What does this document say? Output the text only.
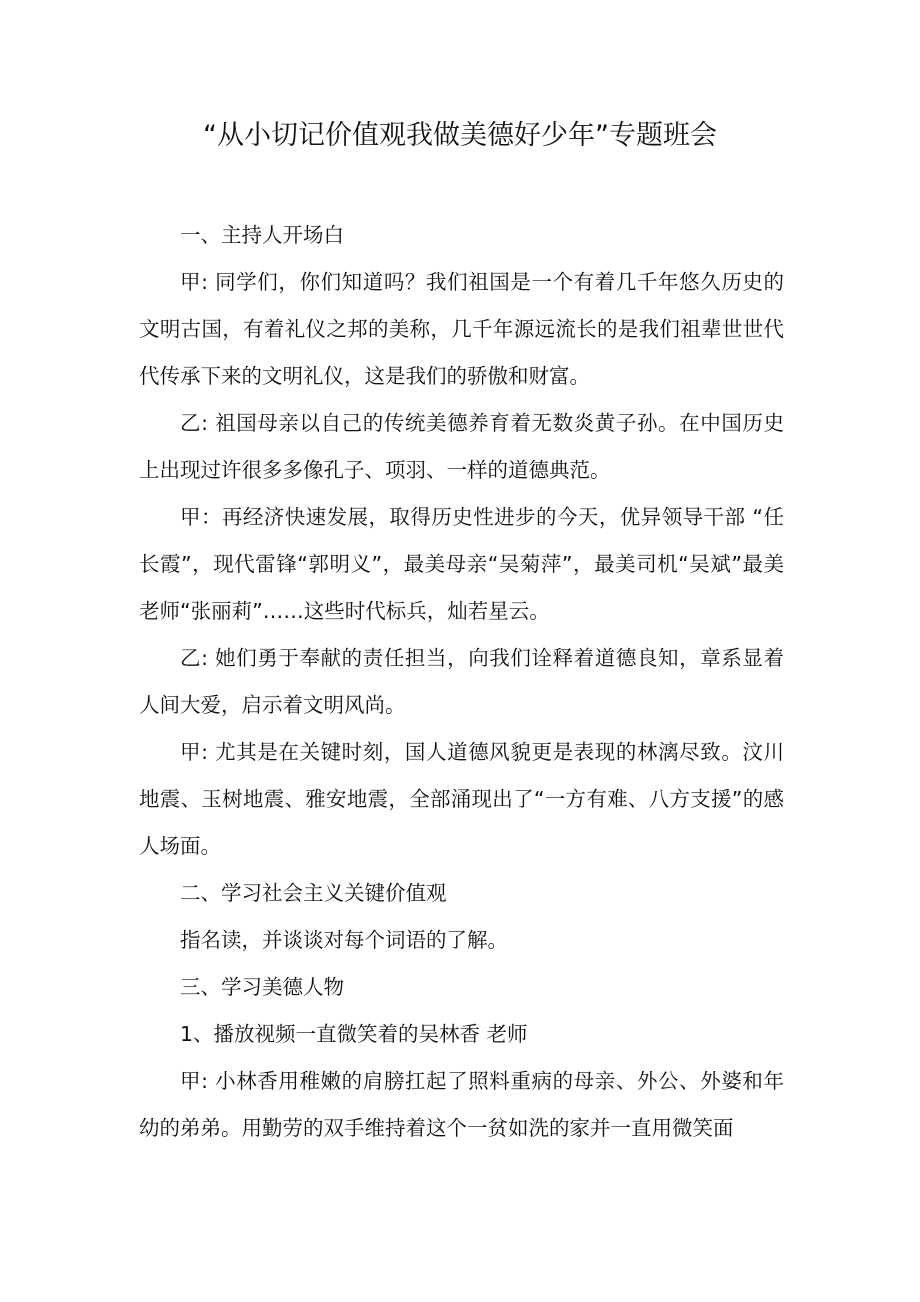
“从小切记价值观我做美德好少年”专题班会

一、主持人开场白

甲: 同学们，你们知道吗？我们祖国是一个有着几千年悠久历史的文明古国，有着礼仪之邦的美称，几千年源远流长的是我们祖辈世世代代传承下来的文明礼仪，这是我们的骄傲和财富。

乙: 祖国母亲以自己的传统美德养育着无数炎黄子孙。在中国历史上出现过许很多多像孔子、项羽、一样的道德典范。

甲：再经济快速发展，取得历史性进步的今天，优异领导干部 “任长霞”，现代雷锋“郭明义”，最美母亲“吴菊萍”，最美司机“吴斌”最美老师“张丽莉”……这些时代标兵，灿若星云。

乙: 她们勇于奉献的责任担当，向我们诠释着道德良知，章系显着人间大爱，启示着文明风尚。

甲: 尤其是在关键时刻，国人道德风貌更是表现的林漓尽致。汶川地震、玉树地震、雅安地震，全部涌现出了“一方有难、八方支援”的感人场面。

二、学习社会主义关键价值观

指名读，并谈谈对每个词语的了解。

三、学习美德人物

1、播放视频一直微笑着的吴林香 老师

甲: 小林香用稚嫩的肩膀扛起了照料重病的母亲、外公、外婆和年幼的弟弟。用勤劳的双手维持着这个一贫如洗的家并一直用微笑面
